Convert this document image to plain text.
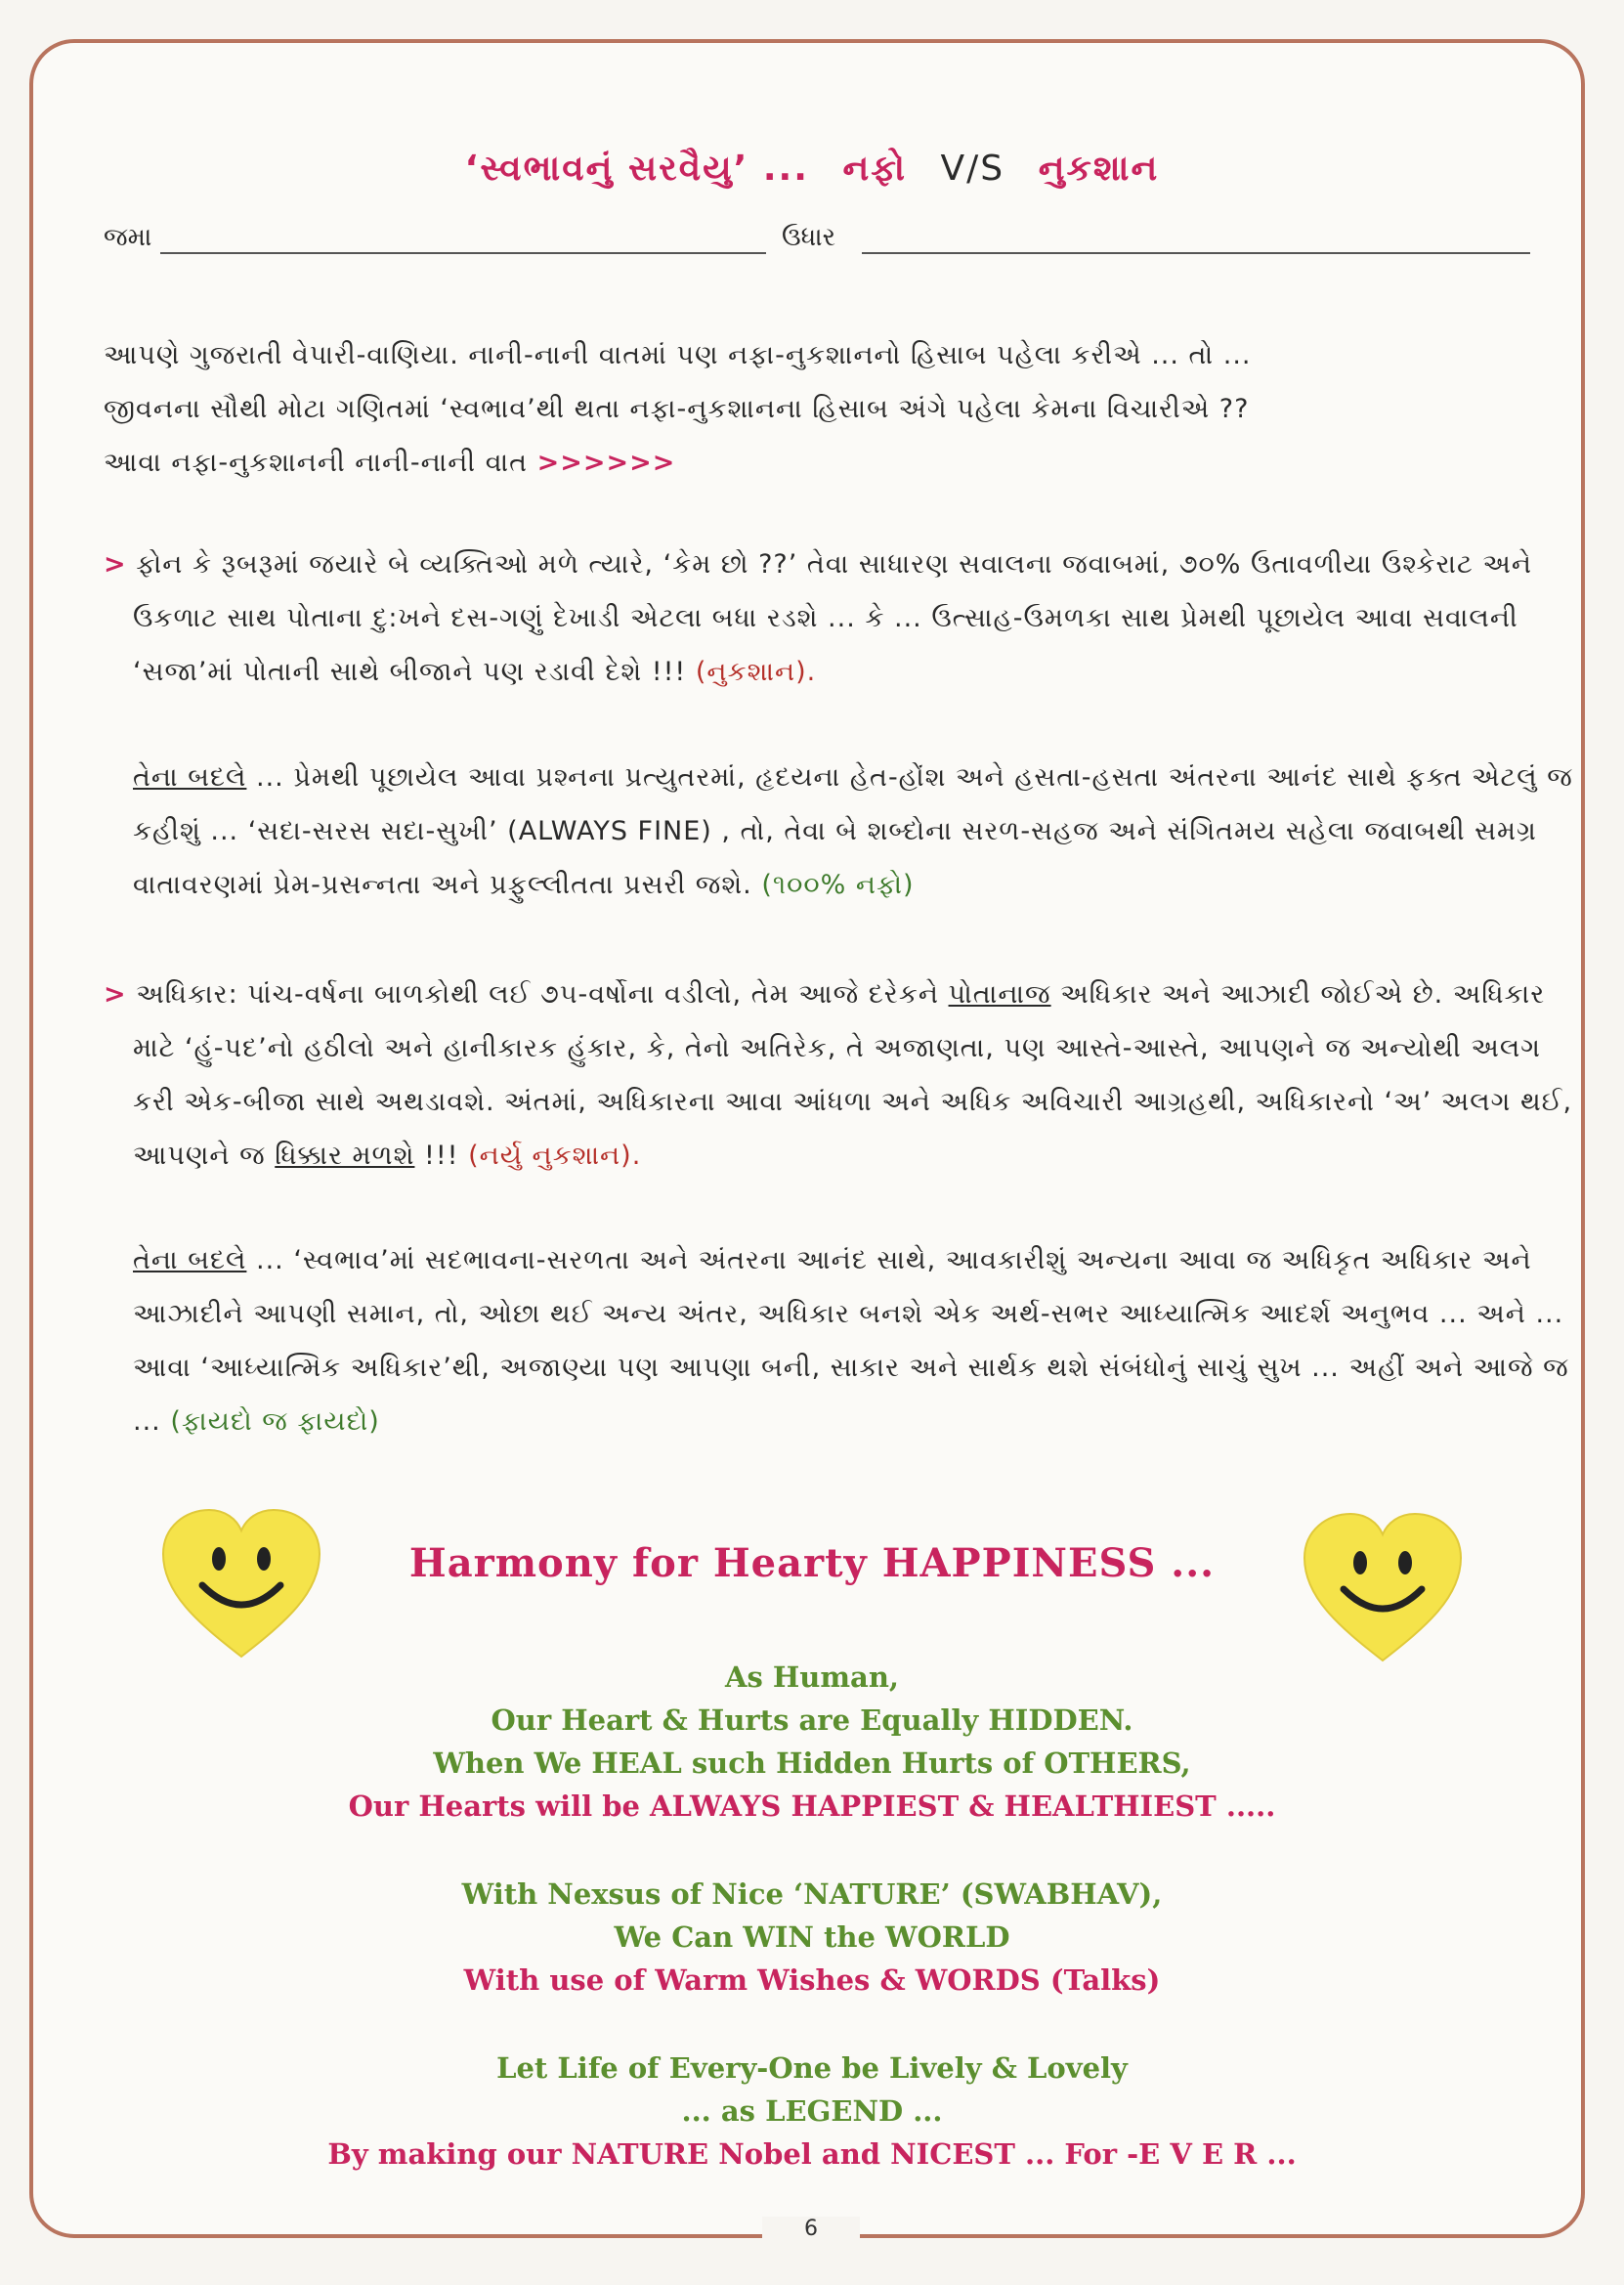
‘સ્વભાવનું સરવૈયુ’ ... નફો V/S નુકશાન
જમા	ઉધાર

આપણે ગુજરાતી વેપારી-વાણિયા. નાની-નાની વાતમાં પણ નફા-નુકશાનનો હિસાબ પહેલા કરીએ ... તો ...

જીવનના સૌથી મોટા ગણિતમાં ‘સ્વભાવ’થી થતા નફા-નુકશાનના હિસાબ અંગે પહેલા કેમના વિચારીએ ??

આવા નફા-નુકશાનની નાની-નાની વાત >>>>>>

> ફોન કે રૂબરૂમાં જયારે બે વ્યક્તિઓ મળે ત્યારે, ‘કેમ છો ??’ તેવા સાધારણ સવાલના જવાબમાં, ૭૦% ઉતાવળીયા ઉશ્કેરાટ અને ઉકળાટ સાથ પોતાના દુ:ખને દસ-ગણું દેખાડી એટલા બધા રડશે ... કે ... ઉત્સાહ-ઉમળકા સાથ પ્રેમથી પૂછાયેલ આવા સવાલની ‘સજા’માં પોતાની સાથે બીજાને પણ રડાવી દેશે !!! (નુકશાન).

તેના બદલે ... પ્રેમથી પૂછાયેલ આવા પ્રશ્નના પ્રત્યુતરમાં, હૃદયના હેત-હોંશ અને હસતા-હસતા અંતરના આનંદ સાથે ફક્ત એટલું જ કહીશું ... ‘સદા-સરસ સદા-સુખી’ (ALWAYS FINE) , તો, તેવા બે શબ્દોના સરળ-સહજ અને સંગિતમય સહેલા જવાબથી સમગ્ર વાતાવરણમાં પ્રેમ-પ્રસન્નતા અને પ્રફુલ્લીતતા પ્રસરી જશે. (૧૦૦% નફો)

> અધિકાર: પાંચ-વર્ષના બાળકોથી લઈ ૭૫-વર્ષોના વડીલો, તેમ આજે દરેકને પોતાનાજ અધિકાર અને આઝાદી જોઈએ છે. અધિકાર માટે ‘હું-પદ’નો હઠીલો અને હાનીકારક હુંકાર, કે, તેનો અતિરેક, તે અજાણતા, પણ આસ્તે-આસ્તે, આપણને જ અન્યોથી અલગ કરી એક-બીજા સાથે અથડાવશે. અંતમાં, અધિકારના આવા આંધળા અને અધિક અવિચારી આગ્રહથી, અધિકારનો ‘અ’ અલગ થઈ, આપણને જ ધિક્કાર મળશે !!! (નર્યુ નુકશાન).

તેના બદલે ... ‘સ્વભાવ’માં સદભાવના-સરળતા અને અંતરના આનંદ સાથે, આવકારીશું અન્યના આવા જ અધિકૃત અધિકાર અને આઝાદીને આપણી સમાન, તો, ઓછા થઈ અન્ય અંતર, અધિકાર બનશે એક અર્થ-સભર આધ્યાત્મિક આદર્શ અનુભવ ... અને ... આવા ‘આધ્યાત્મિક અધિકાર’થી, અજાણ્યા પણ આપણા બની, સાકાર અને સાર્થક થશે સંબંધોનું સાચું સુખ ... અહીં અને આજે જ ... (ફાયદો જ ફાયદો)

Harmony for Hearty HAPPINESS ...
As Human,
Our Heart & Hurts are Equally HIDDEN.
When We HEAL such Hidden Hurts of OTHERS,
Our Hearts will be ALWAYS HAPPIEST & HEALTHIEST .....
With Nexsus of Nice ‘NATURE’ (SWABHAV),
We Can WIN the WORLD
With use of Warm Wishes & WORDS (Talks)
Let Life of Every-One be Lively & Lovely
... as LEGEND ...
By making our NATURE Nobel and NICEST ... For -E V E R ...
6
